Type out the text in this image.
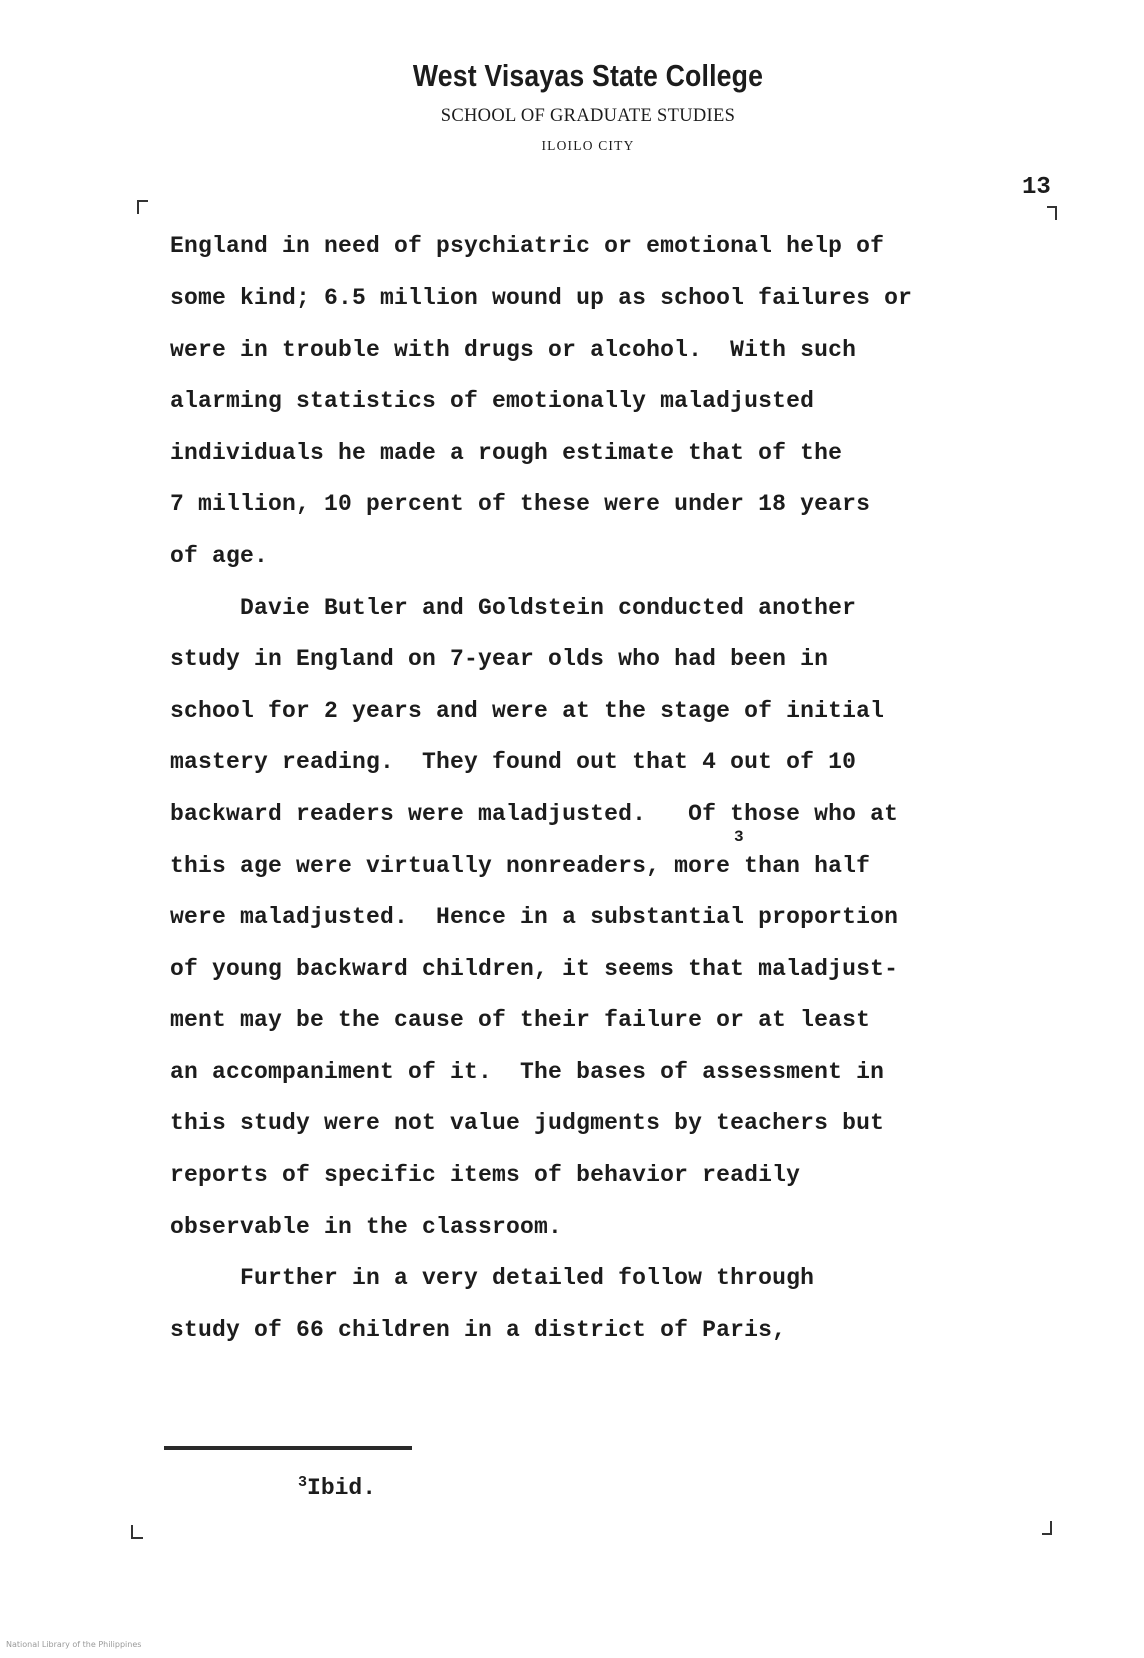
West Visayas State College
SCHOOL OF GRADUATE STUDIES
ILOILO CITY
13

England in need of psychiatric or emotional help of

some kind; 6.5 million wound up as school failures or

were in trouble with drugs or alcohol.  With such

alarming statistics of emotionally maladjusted

individuals he made a rough estimate that of the

7 million, 10 percent of these were under 18 years

of age.

Davie Butler and Goldstein conducted another

study in England on 7-year olds who had been in

school for 2 years and were at the stage of initial

mastery reading.  They found out that 4 out of 10

backward readers were maladjusted.   Of those who at

this age were virtually nonreaders, more than half

were maladjusted.  Hence in a substantial proportion

of young backward children, it seems that maladjust-

ment may be the cause of their failure or at least

an accompaniment of it.  The bases of assessment in

this study were not value judgments by teachers but

reports of specific items of behavior readily

observable in the classroom.

Further in a very detailed follow through

study of 66 children in a district of Paris,

3
$^3$Ibid.
National Library of the Philippines
